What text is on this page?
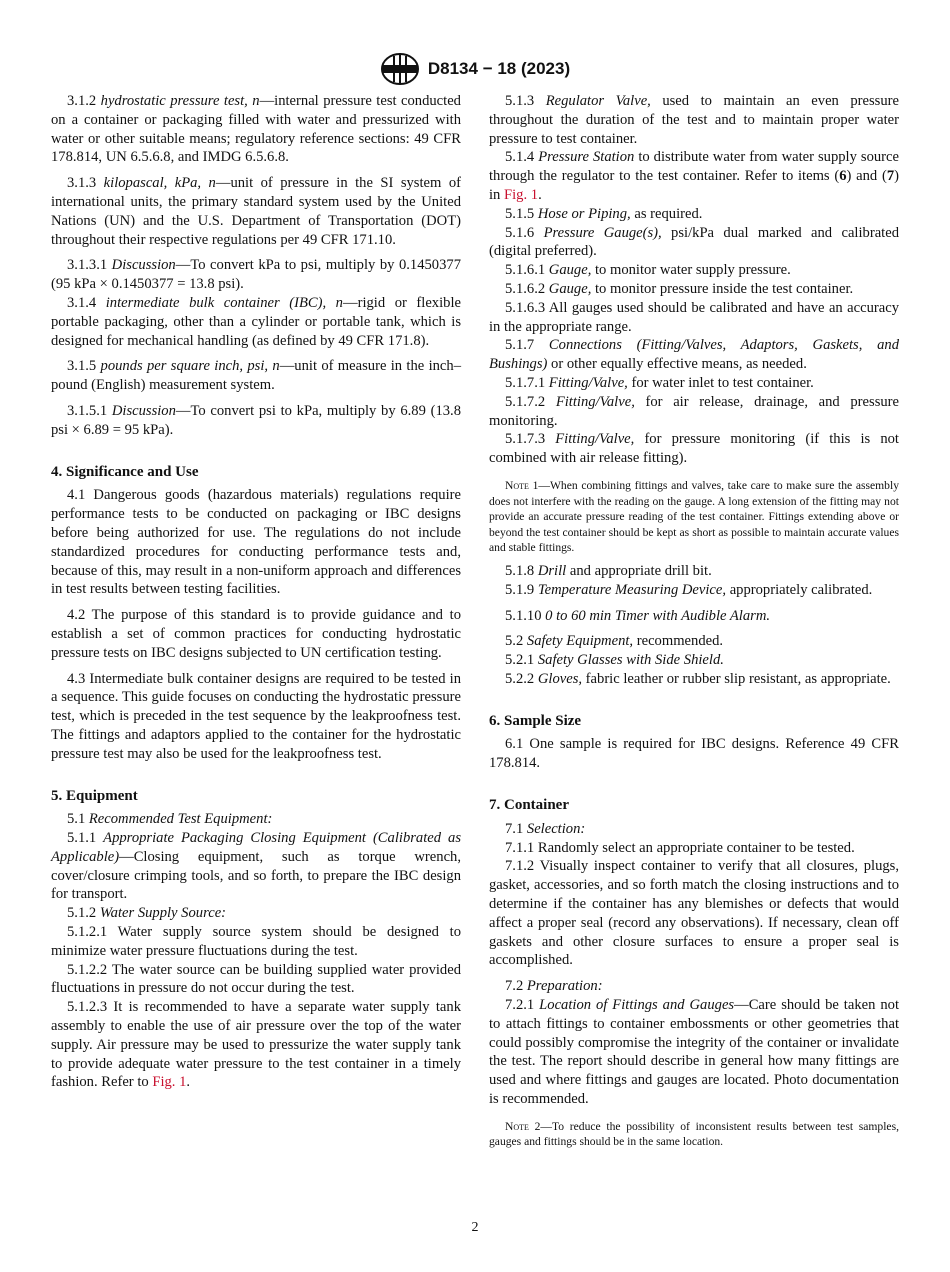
D8134 − 18 (2023)

3.1.2 hydrostatic pressure test, n—internal pressure test conducted on a container or packaging filled with water and pressurized with water or other suitable means; regulatory reference sections: 49 CFR 178.814, UN 6.5.6.8, and IMDG 6.5.6.8.

3.1.3 kilopascal, kPa, n—unit of pressure in the SI system of international units, the primary standard system used by the United Nations (UN) and the U.S. Department of Transportation (DOT) throughout their respective regulations per 49 CFR 171.10.

3.1.3.1 Discussion—To convert kPa to psi, multiply by 0.1450377 (95 kPa × 0.1450377 = 13.8 psi).

3.1.4 intermediate bulk container (IBC), n—rigid or flexible portable packaging, other than a cylinder or portable tank, which is designed for mechanical handling (as defined by 49 CFR 171.8).

3.1.5 pounds per square inch, psi, n—unit of measure in the inch–pound (English) measurement system.

3.1.5.1 Discussion—To convert psi to kPa, multiply by 6.89 (13.8 psi × 6.89 = 95 kPa).

4. Significance and Use

4.1 Dangerous goods (hazardous materials) regulations require performance tests to be conducted on packaging or IBC designs before being authorized for use. The regulations do not include standardized procedures for conducting performance tests and, because of this, may result in a non-uniform approach and differences in test results between testing facilities.

4.2 The purpose of this standard is to provide guidance and to establish a set of common practices for conducting hydrostatic pressure tests on IBC designs subjected to UN certification testing.

4.3 Intermediate bulk container designs are required to be tested in a sequence. This guide focuses on conducting the hydrostatic pressure test, which is preceded in the test sequence by the leakproofness test. The fittings and adaptors applied to the container for the hydrostatic pressure test may also be used for the leakproofness test.

5. Equipment

5.1 Recommended Test Equipment:

5.1.1 Appropriate Packaging Closing Equipment (Calibrated as Applicable)—Closing equipment, such as torque wrench, cover/closure crimping tools, and so forth, to prepare the IBC design for transport.

5.1.2 Water Supply Source:

5.1.2.1 Water supply source system should be designed to minimize water pressure fluctuations during the test.

5.1.2.2 The water source can be building supplied water provided fluctuations in pressure do not occur during the test.

5.1.2.3 It is recommended to have a separate water supply tank assembly to enable the use of air pressure over the top of the water supply. Air pressure may be used to pressurize the water supply tank to provide adequate water pressure to the test container in a timely fashion. Refer to Fig. 1.

5.1.3 Regulator Valve, used to maintain an even pressure throughout the duration of the test and to maintain proper water pressure to test container.

5.1.4 Pressure Station to distribute water from water supply source through the regulator to the test container. Refer to items (6) and (7) in Fig. 1.

5.1.5 Hose or Piping, as required.

5.1.6 Pressure Gauge(s), psi/kPa dual marked and calibrated (digital preferred).

5.1.6.1 Gauge, to monitor water supply pressure.

5.1.6.2 Gauge, to monitor pressure inside the test container.

5.1.6.3 All gauges used should be calibrated and have an accuracy in the appropriate range.

5.1.7 Connections (Fitting/Valves, Adaptors, Gaskets, and Bushings) or other equally effective means, as needed.

5.1.7.1 Fitting/Valve, for water inlet to test container.

5.1.7.2 Fitting/Valve, for air release, drainage, and pressure monitoring.

5.1.7.3 Fitting/Valve, for pressure monitoring (if this is not combined with air release fitting).

Note 1—When combining fittings and valves, take care to make sure the assembly does not interfere with the reading on the gauge. A long extension of the fitting may not provide an accurate pressure reading of the test container. Fittings extending above or beyond the test container should be kept as short as possible to maintain accurate values and stable fittings.

5.1.8 Drill and appropriate drill bit.

5.1.9 Temperature Measuring Device, appropriately calibrated.

5.1.10 0 to 60 min Timer with Audible Alarm.

5.2 Safety Equipment, recommended.

5.2.1 Safety Glasses with Side Shield.

5.2.2 Gloves, fabric leather or rubber slip resistant, as appropriate.

6. Sample Size

6.1 One sample is required for IBC designs. Reference 49 CFR 178.814.

7. Container

7.1 Selection:

7.1.1 Randomly select an appropriate container to be tested.

7.1.2 Visually inspect container to verify that all closures, plugs, gasket, accessories, and so forth match the closing instructions and to determine if the container has any blemishes or defects that would affect a proper seal (record any observations). If necessary, clean off gaskets and other closure surfaces to ensure a proper seal is accomplished.

7.2 Preparation:

7.2.1 Location of Fittings and Gauges—Care should be taken not to attach fittings to container embossments or other geometries that could possibly compromise the integrity of the container or invalidate the test. The report should describe in general how many fittings are used and where fittings and gauges are located. Photo documentation is recommended.

Note 2—To reduce the possibility of inconsistent results between test samples, gauges and fittings should be in the same location.

2
